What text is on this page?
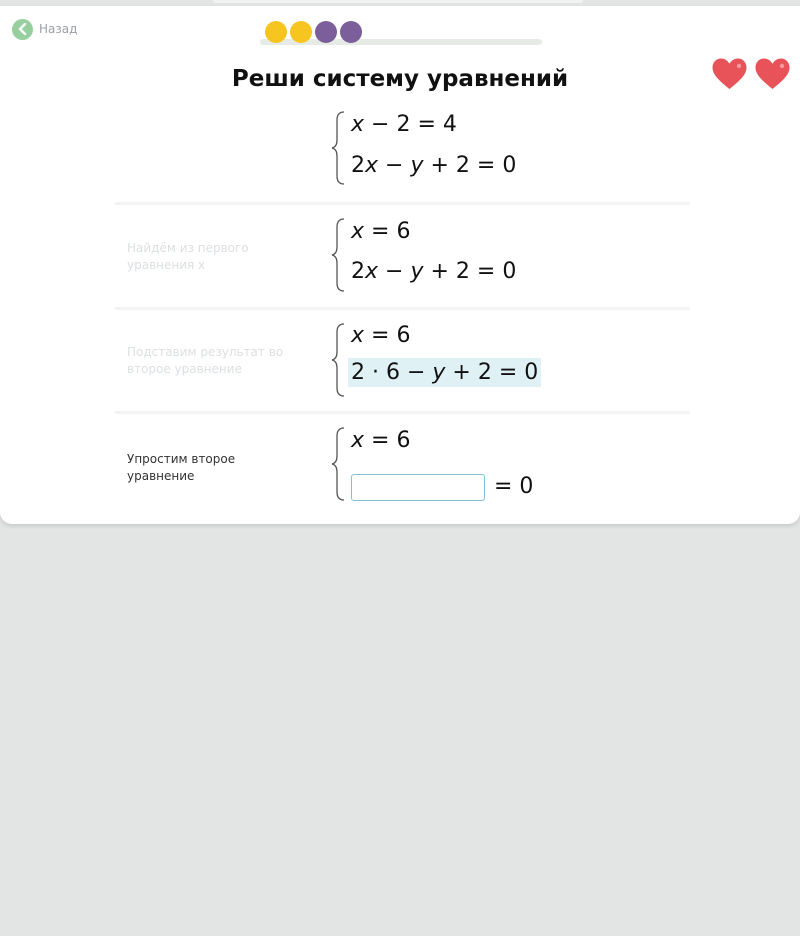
Назад
Реши систему уравнений
x − 2 = 4
2x − y + 2 = 0
Найдём из первого уравнения x
x = 6
2x − y + 2 = 0
Подставим результат во второе уравнение
x = 6
2 · 6 − y + 2 = 0
Упростим второе уравнение
x = 6
= 0
